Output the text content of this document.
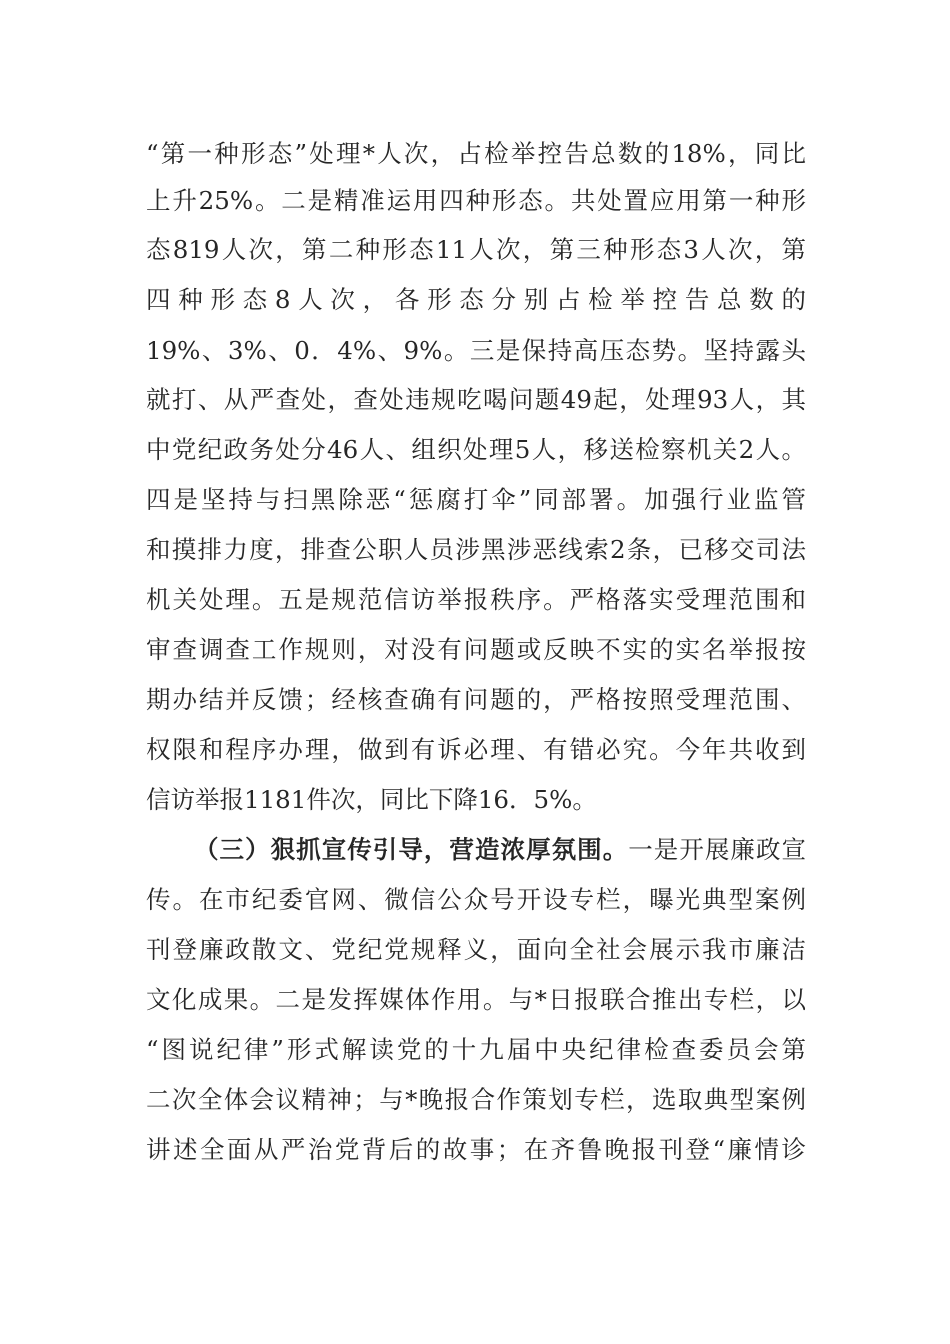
“第一种形态”处理*人次，占检举控告总数的18%，同比
上升25%。二是精准运用四种形态。共处置应用第一种形
态819人次，第二种形态11人次，第三种形态3人次，第
四种形态8人次，各形态分别占检举控告总数的
19%、3%、0．4%、9%。三是保持高压态势。坚持露头
就打、从严查处，查处违规吃喝问题49起，处理93人，其
中党纪政务处分46人、组织处理5人，移送检察机关2人。
四是坚持与扫黑除恶“惩腐打伞”同部署。加强行业监管
和摸排力度，排查公职人员涉黑涉恶线索2条，已移交司法
机关处理。五是规范信访举报秩序。严格落实受理范围和
审查调查工作规则，对没有问题或反映不实的实名举报按
期办结并反馈；经核查确有问题的，严格按照受理范围、
权限和程序办理，做到有诉必理、有错必究。今年共收到
信访举报1181件次，同比下降16．5%。
（三）狠抓宣传引导，营造浓厚氛围。一是开展廉政宣
传。在市纪委官网、微信公众号开设专栏，曝光典型案例
刊登廉政散文、党纪党规释义，面向全社会展示我市廉洁
文化成果。二是发挥媒体作用。与*日报联合推出专栏，以
“图说纪律”形式解读党的十九届中央纪律检查委员会第
二次全体会议精神；与*晚报合作策划专栏，选取典型案例
讲述全面从严治党背后的故事；在齐鲁晚报刊登“廉情诊
